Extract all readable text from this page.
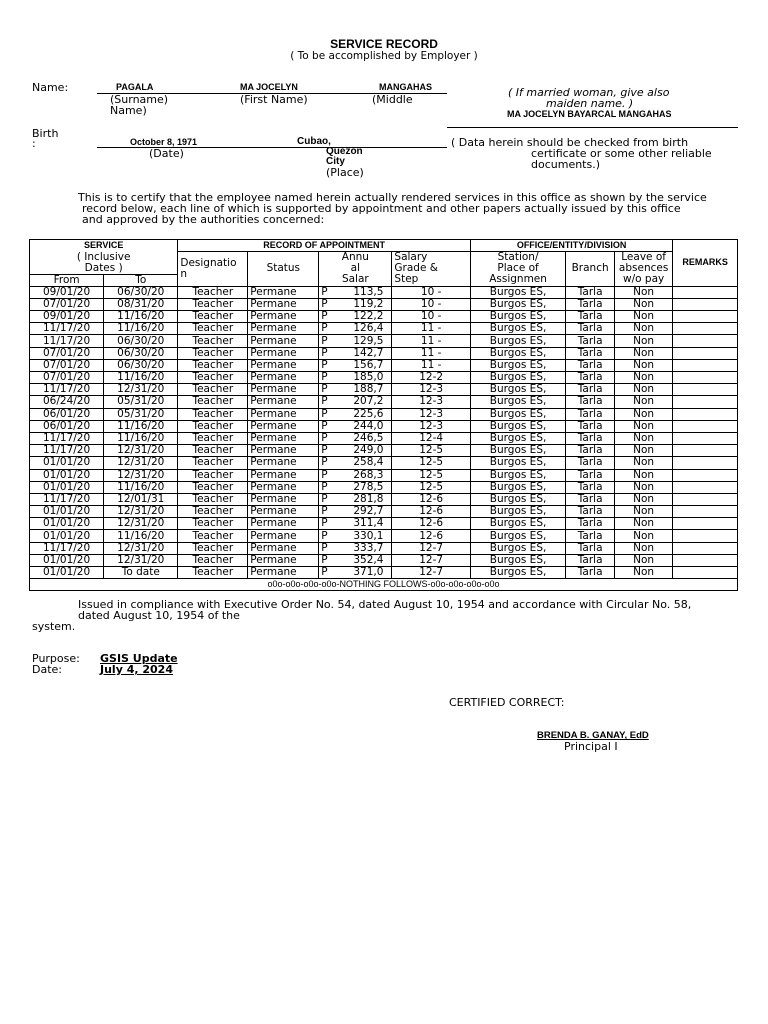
SERVICE RECORD
( To be accomplished by Employer )
Name:	PAGALA	MA JOCELYN	MANGAHAS
(Surname)
Name)
(First Name)	(Middle
( If married woman, give also
maiden name. )
MA JOCELYN BAYARCAL MANGAHAS
Birth
:	October 8, 1971
(Date)
Cubao,
Quezon
City
(Place)
( Data herein should be checked from birth
certificate or some other reliable
documents.)
This is to certify that the employee named herein actually rendered services in this office as shown by the service
record below, each line of which is supported by appointment and other papers actually issued by this office
and approved by the authorities concerned:
SERVICE		RECORD OF APPOINTMENT				OFFICE/ENTITY/DIVISION			REMARKS
( Inclusive
Dates )		Designatio
n	Status	Annu
al
Salar	Salary
Grade &
Step	Station/
Place of
Assignmen	Branch	Leave of
absences
w/o pay	
From	To								
09/01/20	06/30/20	Teacher	Permane	P 113,5	10 -	Burgos ES,	Tarla	Non	
07/01/20	08/31/20	Teacher	Permane	P 119,2	10 -	Burgos ES,	Tarla	Non	
09/01/20	11/16/20	Teacher	Permane	P 122,2	10 -	Burgos ES,	Tarla	Non	
11/17/20	11/16/20	Teacher	Permane	P 126,4	11 -	Burgos ES,	Tarla	Non	
11/17/20	06/30/20	Teacher	Permane	P 129,5	11 -	Burgos ES,	Tarla	Non	
07/01/20	06/30/20	Teacher	Permane	P 142,7	11 -	Burgos ES,	Tarla	Non	
07/01/20	06/30/20	Teacher	Permane	P 156,7	11 -	Burgos ES,	Tarla	Non	
07/01/20	11/16/20	Teacher	Permane	P 185,0	12-2	Burgos ES,	Tarla	Non	
11/17/20	12/31/20	Teacher	Permane	P 188,7	12-3	Burgos ES,	Tarla	Non	
06/24/20	05/31/20	Teacher	Permane	P 207,2	12-3	Burgos ES,	Tarla	Non	
06/01/20	05/31/20	Teacher	Permane	P 225,6	12-3	Burgos ES,	Tarla	Non	
06/01/20	11/16/20	Teacher	Permane	P 244,0	12-3	Burgos ES,	Tarla	Non	
11/17/20	11/16/20	Teacher	Permane	P 246,5	12-4	Burgos ES,	Tarla	Non	
11/17/20	12/31/20	Teacher	Permane	P 249,0	12-5	Burgos ES,	Tarla	Non	
01/01/20	12/31/20	Teacher	Permane	P 258,4	12-5	Burgos ES,	Tarla	Non	
01/01/20	12/31/20	Teacher	Permane	P 268,3	12-5	Burgos ES,	Tarla	Non	
01/01/20	11/16/20	Teacher	Permane	P 278,5	12-5	Burgos ES,	Tarla	Non	
11/17/20	12/01/31	Teacher	Permane	P 281,8	12-6	Burgos ES,	Tarla	Non	
01/01/20	12/31/20	Teacher	Permane	P 292,7	12-6	Burgos ES,	Tarla	Non	
01/01/20	12/31/20	Teacher	Permane	P 311,4	12-6	Burgos ES,	Tarla	Non	
01/01/20	11/16/20	Teacher	Permane	P 330,1	12-6	Burgos ES,	Tarla	Non	
11/17/20	12/31/20	Teacher	Permane	P 333,7	12-7	Burgos ES,	Tarla	Non	
01/01/20	12/31/20	Teacher	Permane	P 352,4	12-7	Burgos ES,	Tarla	Non	
01/01/20	To date	Teacher	Permane	P 371,0	12-7	Burgos ES,	Tarla	Non	
o0o-o0o-o0o-o0o-NOTHING FOLLOWS-o0o-o0o-o0o-o0o									
Issued in compliance with Executive Order No. 54, dated August 10, 1954 and accordance with Circular No. 58,
dated August 10, 1954 of the
system.
Purpose: GSIS Update
Date:	July 4, 2024
CERTIFIED CORRECT:
BRENDA B. GANAY, EdD
Principal I
